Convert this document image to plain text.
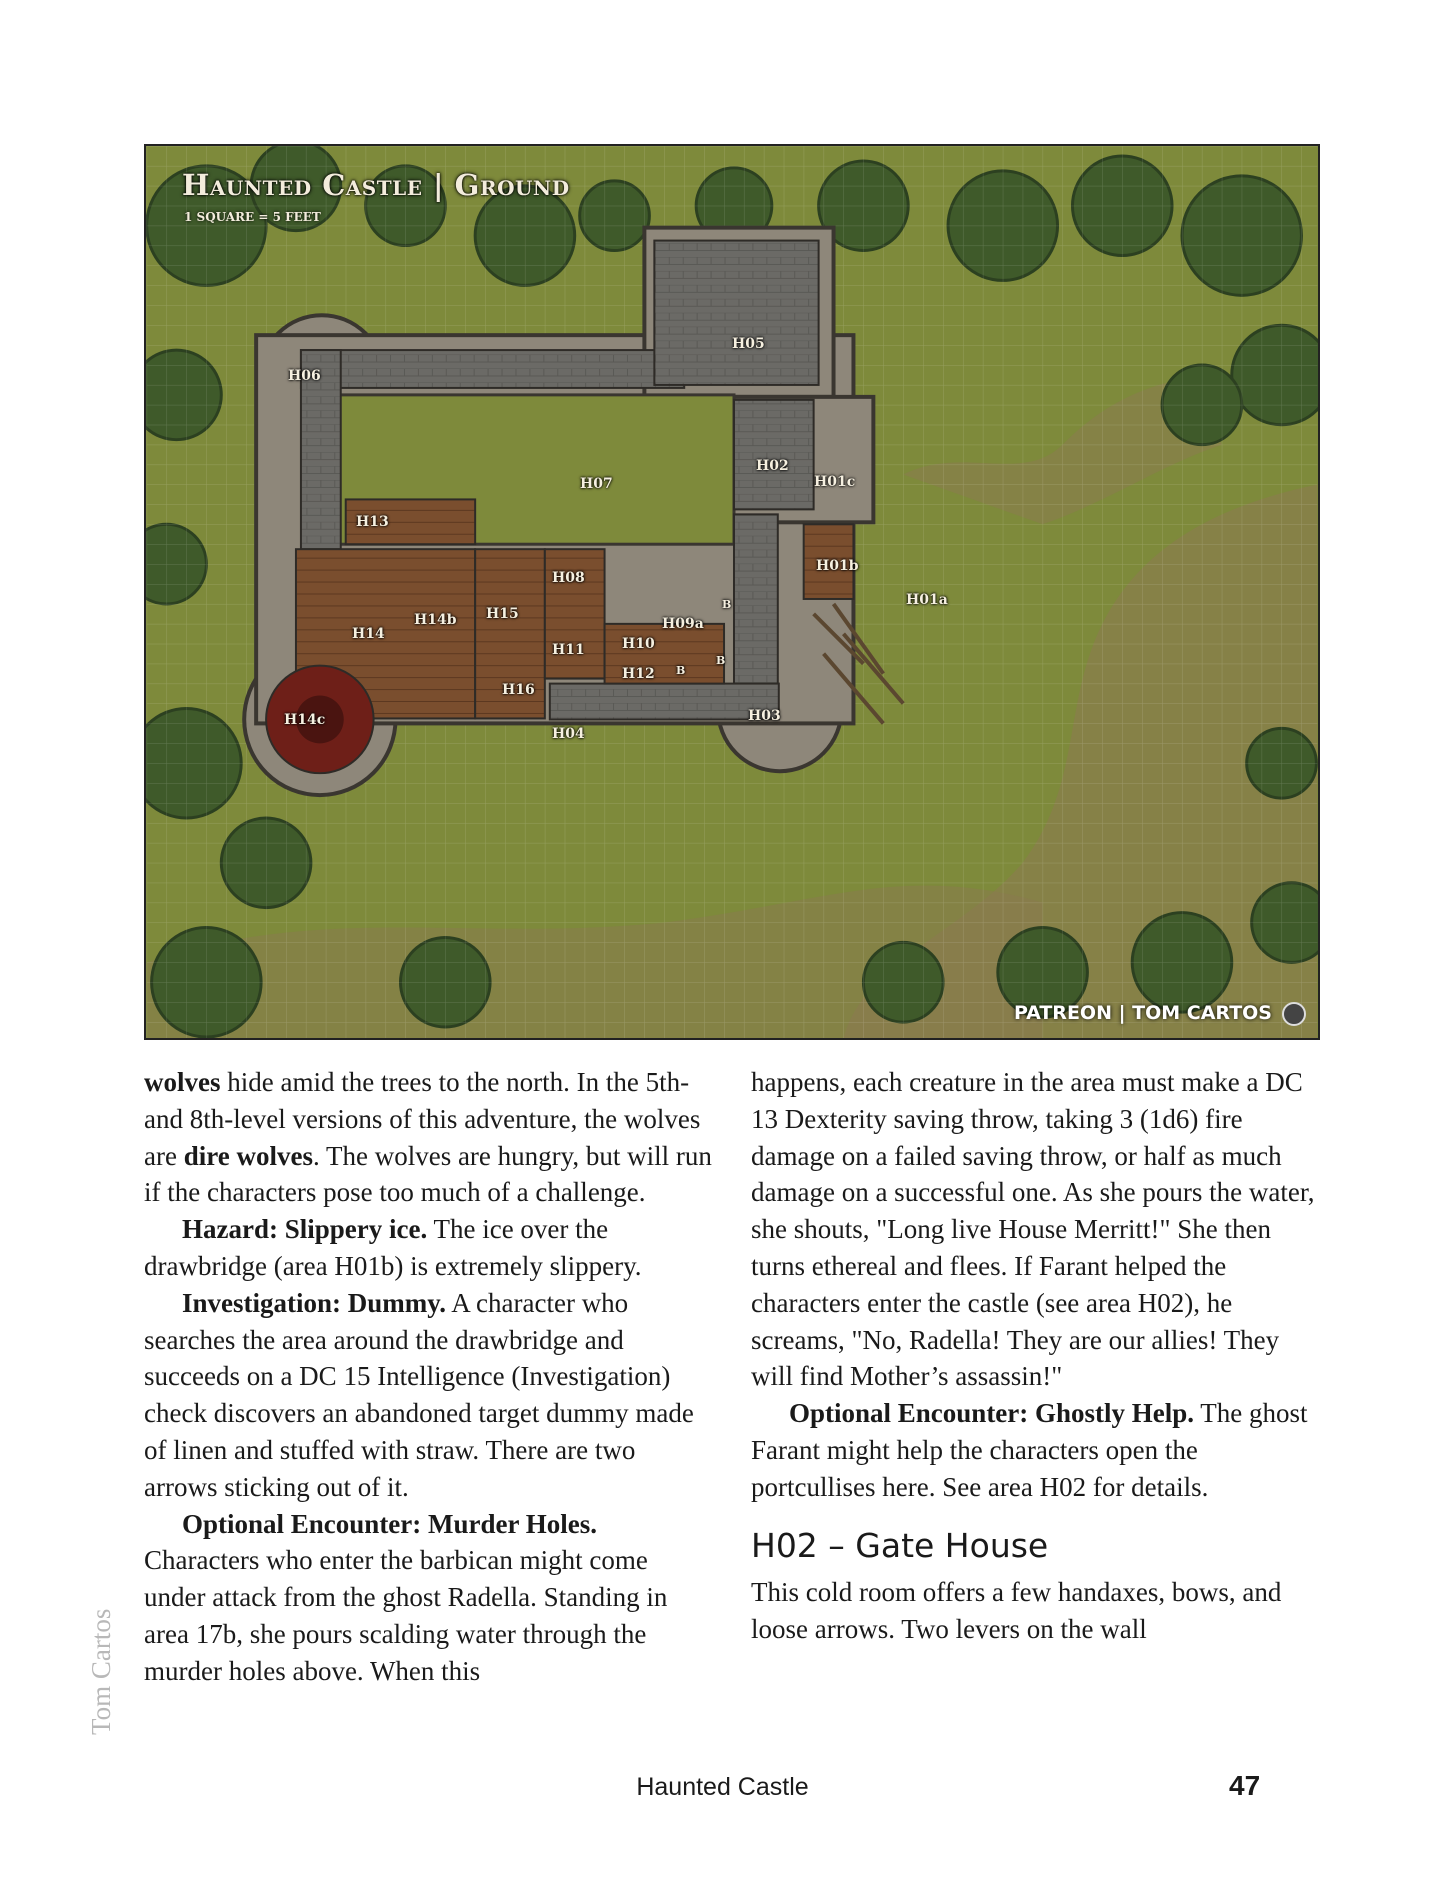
Haunted Castle | Ground
1 SQUARE = 5 FEET
PATREON | TOM CARTOS
H05
H06
H07
H02
H01c
H13
H01b
H01a
H08
H15
H14b
H14
H09a
H10
H11
H12
H16
H14c	H03
H04
B
B
B

wolves hide amid the trees to the north. In the 5th- and 8th-level versions of this adventure, the wolves are dire wolves. The wolves are hungry, but will run if the characters pose too much of a challenge.

Hazard: Slippery ice. The ice over the drawbridge (area H01b) is extremely slippery.

Investigation: Dummy. A character who searches the area around the drawbridge and succeeds on a DC 15 Intelligence (Investigation) check discovers an abandoned target dummy made of linen and stuffed with straw. There are two arrows sticking out of it.

Optional Encounter: Murder Holes. Characters who enter the barbican might come under attack from the ghost Radella. Standing in area 17b, she pours scalding water through the murder holes above. When this

happens, each creature in the area must make a DC 13 Dexterity saving throw, taking 3 (1d6) fire damage on a failed saving throw, or half as much damage on a successful one. As she pours the water, she shouts, "Long live House Merritt!" She then turns ethereal and flees. If Farant helped the characters enter the castle (see area H02), he screams, "No, Radella! They are our allies! They will find Mother’s assassin!"

Optional Encounter: Ghostly Help. The ghost Farant might help the characters open the portcullises here. See area H02 for details.

H02 – Gate House

This cold room offers a few handaxes, bows, and loose arrows. Two levers on the wall

Tom Cartos
Haunted Castle	47
